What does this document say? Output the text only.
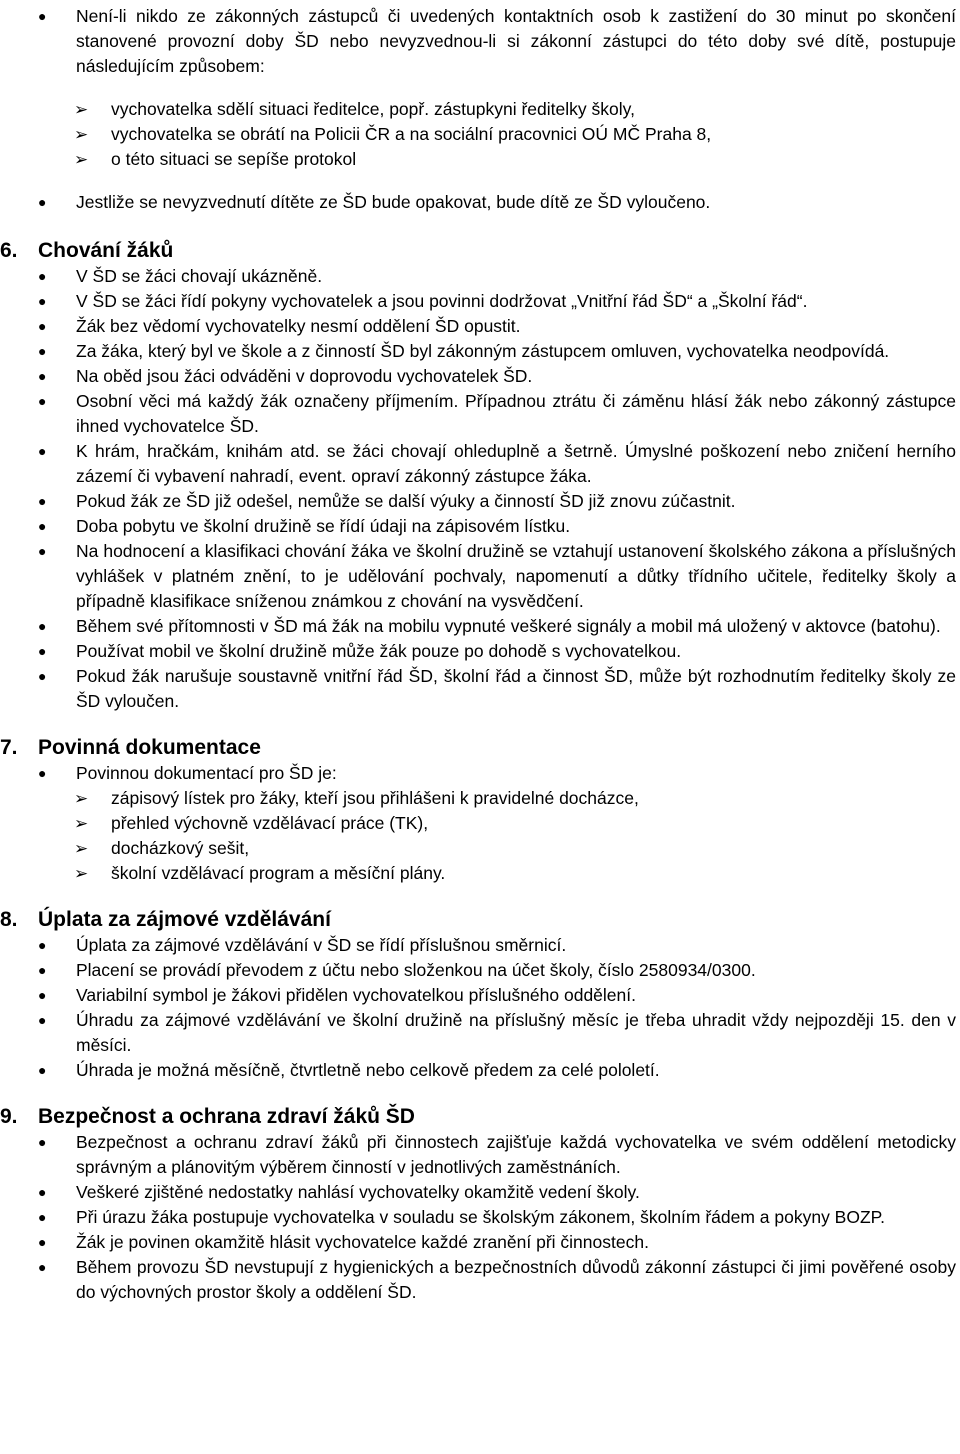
● Není-li nikdo ze zákonných zástupců či uvedených kontaktních osob k zastižení do 30 minut po skončení stanovené provozní doby ŠD nebo nevyzvednou-li si zákonní zástupci do této doby své dítě, postupuje následujícím způsobem:
➢ vychovatelka sdělí situaci ředitelce, popř. zástupkyni ředitelky školy,
➢ vychovatelka se obrátí na Policii ČR a na sociální pracovnici OÚ MČ Praha 8,
➢ o této situaci se sepíše protokol
● Jestliže se nevyzvednutí dítěte ze ŠD bude opakovat, bude dítě ze ŠD vyloučeno.
6. Chování žáků
● V ŠD se žáci chovají ukázněně.
● V ŠD se žáci řídí pokyny vychovatelek a jsou povinni dodržovat „Vnitřní řád ŠD“ a „Školní řád“.
● Žák bez vědomí vychovatelky nesmí oddělení ŠD opustit.
● Za žáka, který byl ve škole a z činností ŠD byl zákonným zástupcem omluven, vychovatelka neodpovídá.
● Na oběd jsou žáci odváděni v doprovodu vychovatelek ŠD.
● Osobní věci má každý žák označeny příjmením. Případnou ztrátu či záměnu hlásí žák nebo zákonný zástupce ihned vychovatelce ŠD.
● K hrám, hračkám, knihám atd. se žáci chovají ohleduplně a šetrně. Úmyslné poškození nebo zničení herního zázemí či vybavení nahradí, event. opraví zákonný zástupce žáka.
● Pokud žák ze ŠD již odešel, nemůže se další výuky a činností ŠD již znovu zúčastnit.
● Doba pobytu ve školní družině se řídí údaji na zápisovém lístku.
● Na hodnocení a klasifikaci chování žáka ve školní družině se vztahují ustanovení školského zákona a příslušných vyhlášek v platném znění, to je udělování pochvaly, napomenutí a důtky třídního učitele, ředitelky školy a případně klasifikace sníženou známkou z chování na vysvědčení.
● Během své přítomnosti v ŠD má žák na mobilu vypnuté veškeré signály a mobil má uložený v aktovce (batohu).
● Používat mobil ve školní družině může žák pouze po dohodě s vychovatelkou.
● Pokud žák narušuje soustavně vnitřní řád ŠD, školní řád a činnost ŠD, může být rozhodnutím ředitelky školy ze ŠD vyloučen.
7. Povinná dokumentace
● Povinnou dokumentací pro ŠD je:
➢ zápisový lístek pro žáky, kteří jsou přihlášeni k pravidelné docházce,
➢ přehled výchovně vzdělávací práce (TK),
➢ docházkový sešit,
➢ školní vzdělávací program a měsíční plány.
8. Úplata za zájmové vzdělávání
● Úplata za zájmové vzdělávání v ŠD se řídí příslušnou směrnicí.
● Placení se provádí převodem z účtu nebo složenkou na účet školy, číslo 2580934/0300.
● Variabilní symbol je žákovi přidělen vychovatelkou příslušného oddělení.
● Úhradu za zájmové vzdělávání ve školní družině na příslušný měsíc je třeba uhradit vždy nejpozději 15. den v měsíci.
● Úhrada je možná měsíčně, čtvrtletně nebo celkově předem za celé pololetí.
9. Bezpečnost a ochrana zdraví žáků ŠD
● Bezpečnost a ochranu zdraví žáků při činnostech zajišťuje každá vychovatelka ve svém oddělení metodicky správným a plánovitým výběrem činností v jednotlivých zaměstnáních.
● Veškeré zjištěné nedostatky nahlásí vychovatelky okamžitě vedení školy.
● Při úrazu žáka postupuje vychovatelka v souladu se školským zákonem, školním řádem a pokyny BOZP.
● Žák je povinen okamžitě hlásit vychovatelce každé zranění při činnostech.
● Během provozu ŠD nevstupují z hygienických a bezpečnostních důvodů zákonní zástupci či jimi pověřené osoby do výchovných prostor školy a oddělení ŠD.
